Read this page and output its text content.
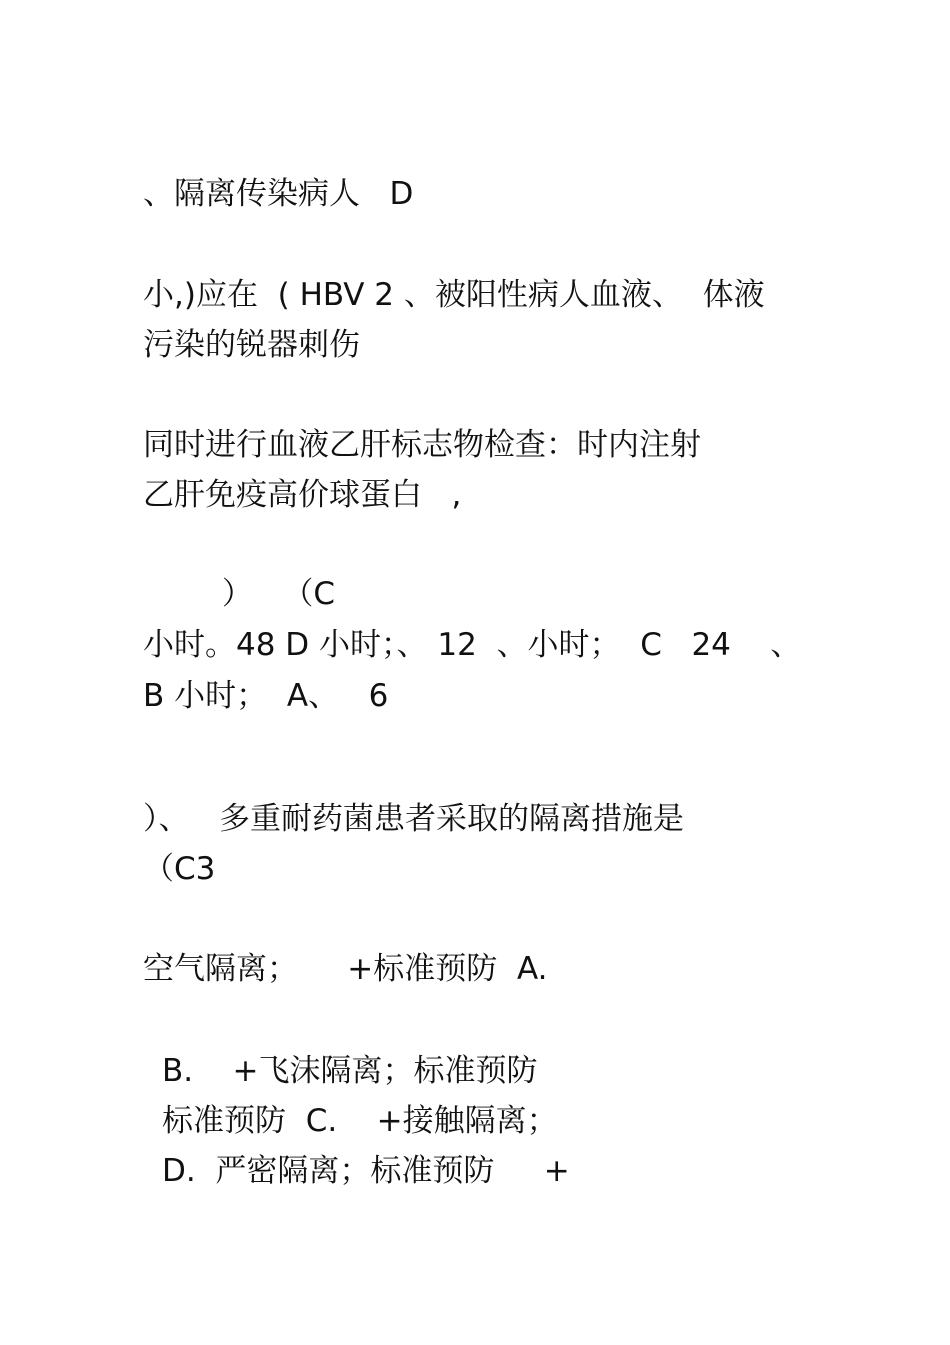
、隔离传染病人   D
小,)应在  ( HBV 2 、被阳性病人血液、  体液
污染的锐器刺伤
同时进行血液乙肝标志物检查：时内注射
乙肝免疫高价球蛋白   ,
）   （C
小时。48 D 小时；、 12  、小时；  C   24    、
B 小时；  A、   6
）、   多重耐药菌患者采取的隔离措施是
（C3
空气隔离；     +标准预防  A.
B.    +飞沫隔离；标准预防
标准预防  C.    +接触隔离；
D.  严密隔离；标准预防     +
